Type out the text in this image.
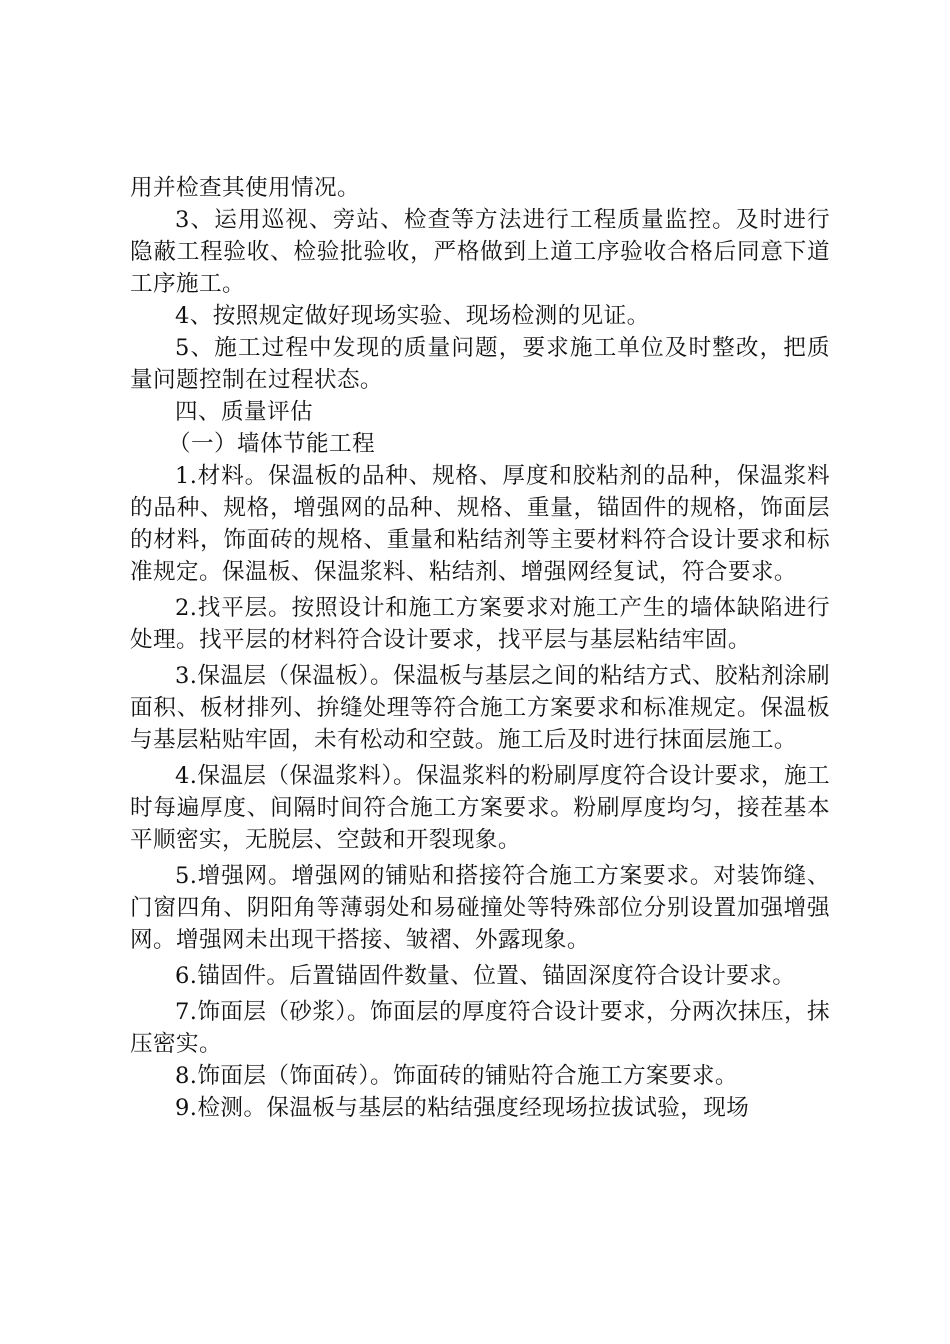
用并检查其使用情况。

3、运用巡视、旁站、检查等方法进行工程质量监控。及时进行隐蔽工程验收、检验批验收，严格做到上道工序验收合格后同意下道工序施工。

4、按照规定做好现场实验、现场检测的见证。

5、施工过程中发现的质量问题，要求施工单位及时整改，把质量问题控制在过程状态。

四、质量评估

（一）墙体节能工程

1.材料。保温板的品种、规格、厚度和胶粘剂的品种，保温浆料的品种、规格，增强网的品种、规格、重量，锚固件的规格，饰面层的材料，饰面砖的规格、重量和粘结剂等主要材料符合设计要求和标准规定。保温板、保温浆料、粘结剂、增强网经复试，符合要求。

2.找平层。按照设计和施工方案要求对施工产生的墙体缺陷进行处理。找平层的材料符合设计要求，找平层与基层粘结牢固。

3.保温层（保温板）。保温板与基层之间的粘结方式、胶粘剂涂刷面积、板材排列、拚缝处理等符合施工方案要求和标准规定。保温板与基层粘贴牢固，未有松动和空鼓。施工后及时进行抹面层施工。

4.保温层（保温浆料）。保温浆料的粉刷厚度符合设计要求，施工时每遍厚度、间隔时间符合施工方案要求。粉刷厚度均匀，接茬基本平顺密实，无脱层、空鼓和开裂现象。

5.增强网。增强网的铺贴和搭接符合施工方案要求。对装饰缝、门窗四角、阴阳角等薄弱处和易碰撞处等特殊部位分别设置加强增强网。增强网未出现干搭接、皱褶、外露现象。

6.锚固件。后置锚固件数量、位置、锚固深度符合设计要求。

7.饰面层（砂浆）。饰面层的厚度符合设计要求，分两次抹压，抹压密实。

8.饰面层（饰面砖）。饰面砖的铺贴符合施工方案要求。

9.检测。保温板与基层的粘结强度经现场拉拔试验，现场
